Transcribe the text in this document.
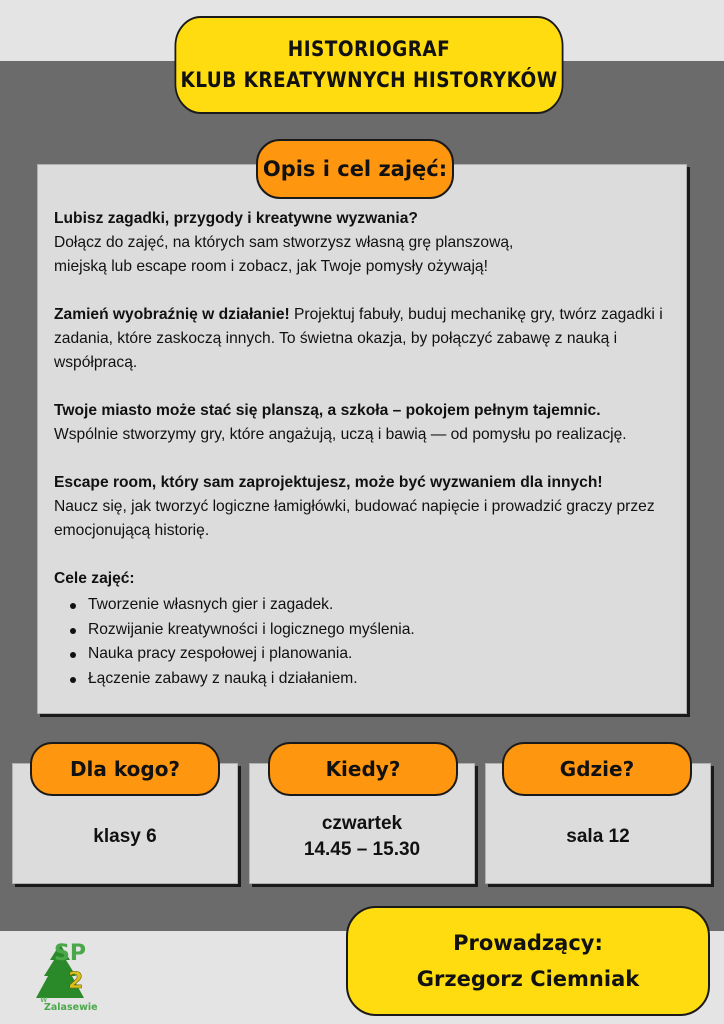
HISTORIOGRAF
KLUB KREATYWNYCH HISTORYKÓW

Lubisz zagadki, przygody i kreatywne wyzwania?
Dołącz do zajęć, na których sam stworzysz własną grę planszową,
miejską lub escape room i zobacz, jak Twoje pomysły ożywają!

Zamień wyobraźnię w działanie! Projektuj fabuły, buduj mechanikę gry, twórz zagadki i zadania, które zaskoczą innych. To świetna okazja, by połączyć zabawę z nauką i współpracą.

Twoje miasto może stać się planszą, a szkoła – pokojem pełnym tajemnic.
Wspólnie stworzymy gry, które angażują, uczą i bawią — od pomysłu po realizację.

Escape room, który sam zaprojektujesz, może być wyzwaniem dla innych!
Naucz się, jak tworzyć logiczne łamigłówki, budować napięcie i prowadzić graczy przez emocjonującą historię.

Cele zajęć:
Tworzenie własnych gier i zagadek.
Rozwijanie kreatywności i logicznego myślenia.
Nauka pracy zespołowej i planowania.
Łączenie zabawy z nauką i działaniem.
Opis i cel zajęć:
klasy 6
Dla kogo?
czwartek
14.45 – 15.30
Kiedy?
sala 12
Gdzie?
Prowadzący:
Grzegorz Ciemniak
SP
2
w
Zalasewie
